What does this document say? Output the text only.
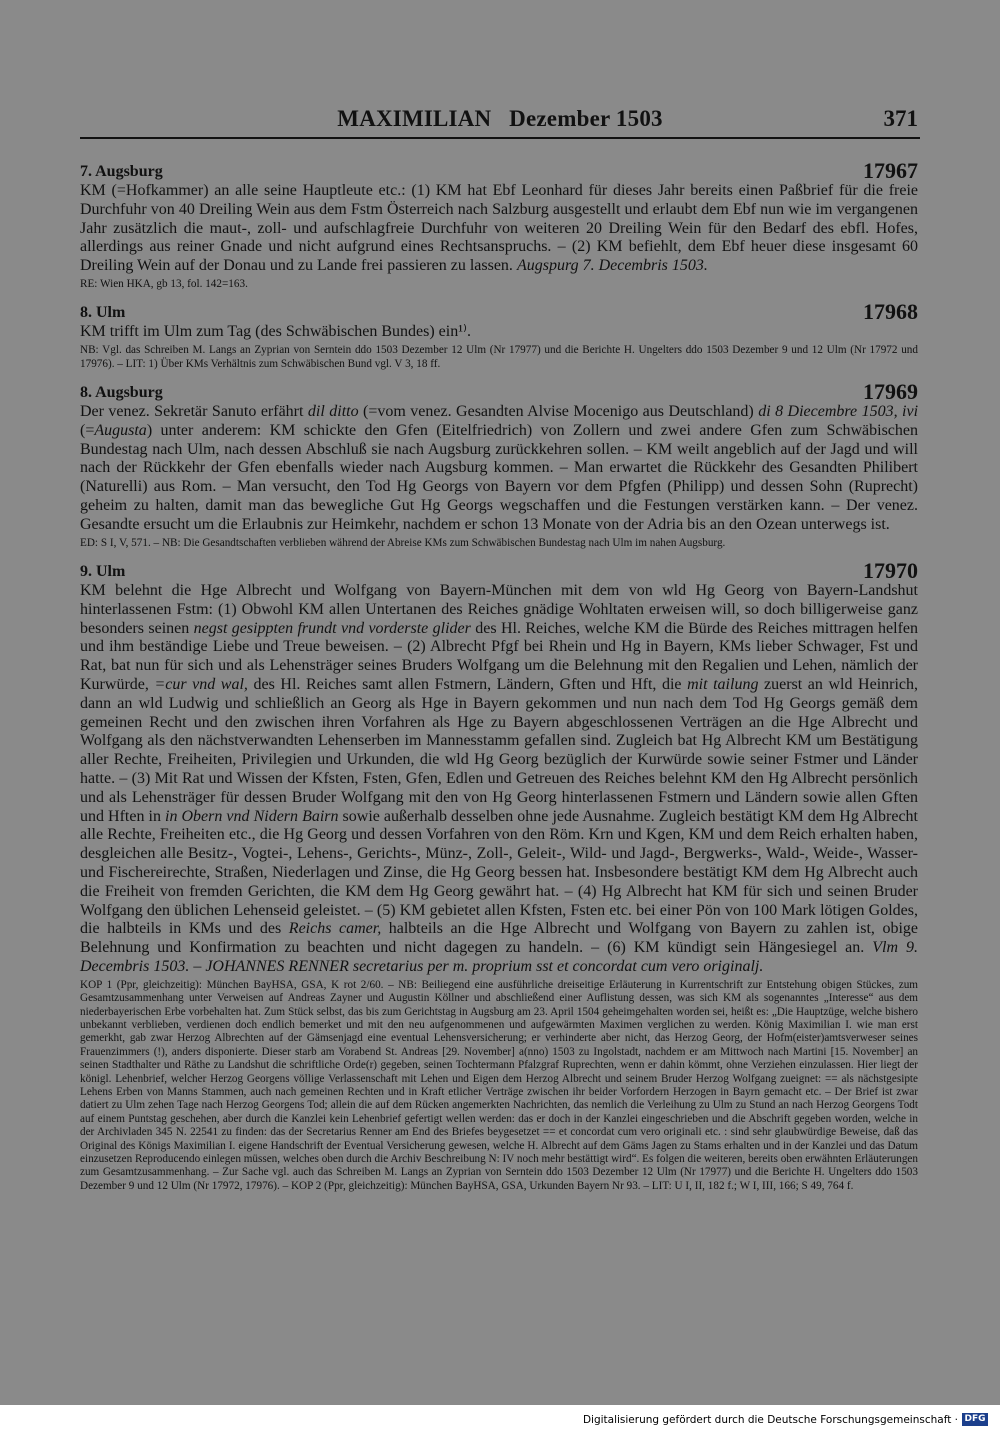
MAXIMILIAN   Dezember 1503	371
7. Augsburg	17967

KM (=Hofkammer) an alle seine Hauptleute etc.: (1) KM hat Ebf Leonhard für dieses Jahr bereits einen Paßbrief für die freie Durchfuhr von 40 Dreiling Wein aus dem Fstm Österreich nach Salzburg ausgestellt und erlaubt dem Ebf nun wie im vergangenen Jahr zusätzlich die maut-, zoll- und aufschlagfreie Durchfuhr von weiteren 20 Dreiling Wein für den Bedarf des ebfl. Hofes, allerdings aus reiner Gnade und nicht aufgrund eines Rechtsanspruchs. – (2) KM befiehlt, dem Ebf heuer diese insgesamt 60 Dreiling Wein auf der Donau und zu Lande frei passieren zu lassen. Augspurg 7. Decembris 1503.

RE: Wien HKA, gb 13, fol. 142=163.

8. Ulm	17968

KM trifft im Ulm zum Tag (des Schwäbischen Bundes) ein¹⁾.

NB: Vgl. das Schreiben M. Langs an Zyprian von Serntein ddo 1503 Dezember 12 Ulm (Nr 17977) und die Berichte H. Ungelters ddo 1503 Dezember 9 und 12 Ulm (Nr 17972 und 17976). – LIT: 1) Über KMs Verhältnis zum Schwäbischen Bund vgl. V 3, 18 ff.

8. Augsburg	17969

Der venez. Sekretär Sanuto erfährt dil ditto (=vom venez. Gesandten Alvise Mocenigo aus Deutschland) di 8 Diecembre 1503, ivi (=Augusta) unter anderem: KM schickte den Gfen (Eitelfriedrich) von Zollern und zwei andere Gfen zum Schwäbischen Bundestag nach Ulm, nach dessen Abschluß sie nach Augsburg zurückkehren sollen. – KM weilt angeblich auf der Jagd und will nach der Rückkehr der Gfen ebenfalls wieder nach Augsburg kommen. – Man erwartet die Rückkehr des Gesandten Philibert (Naturelli) aus Rom. – Man versucht, den Tod Hg Georgs von Bayern vor dem Pfgfen (Philipp) und dessen Sohn (Ruprecht) geheim zu halten, damit man das bewegliche Gut Hg Georgs wegschaffen und die Festungen verstärken kann. – Der venez. Gesandte ersucht um die Erlaubnis zur Heimkehr, nachdem er schon 13 Monate von der Adria bis an den Ozean unterwegs ist.

ED: S I, V, 571. – NB: Die Gesandtschaften verblieben während der Abreise KMs zum Schwäbischen Bundestag nach Ulm im nahen Augsburg.

9. Ulm	17970

KM belehnt die Hge Albrecht und Wolfgang von Bayern-München mit dem von wld Hg Georg von Bayern-Landshut hinterlassenen Fstm: (1) Obwohl KM allen Untertanen des Reiches gnädige Wohltaten erweisen will, so doch billigerweise ganz besonders seinen negst gesippten frundt vnd vorderste glider des Hl. Reiches, welche KM die Bürde des Reiches mittragen helfen und ihm beständige Liebe und Treue beweisen. – (2) Albrecht Pfgf bei Rhein und Hg in Bayern, KMs lieber Schwager, Fst und Rat, bat nun für sich und als Lehensträger seines Bruders Wolfgang um die Belehnung mit den Regalien und Lehen, nämlich der Kurwürde, =cur vnd wal, des Hl. Reiches samt allen Fstmern, Ländern, Gften und Hft, die mit tailung zuerst an wld Heinrich, dann an wld Ludwig und schließlich an Georg als Hge in Bayern gekommen und nun nach dem Tod Hg Georgs gemäß dem gemeinen Recht und den zwischen ihren Vorfahren als Hge zu Bayern abgeschlossenen Verträgen an die Hge Albrecht und Wolfgang als den nächstverwandten Lehenserben im Mannesstamm gefallen sind. Zugleich bat Hg Albrecht KM um Bestätigung aller Rechte, Freiheiten, Privilegien und Urkunden, die wld Hg Georg bezüglich der Kurwürde sowie seiner Fstmer und Länder hatte. – (3) Mit Rat und Wissen der Kfsten, Fsten, Gfen, Edlen und Getreuen des Reiches belehnt KM den Hg Albrecht persönlich und als Lehensträger für dessen Bruder Wolfgang mit den von Hg Georg hinterlassenen Fstmern und Ländern sowie allen Gften und Hften in in Obern vnd Nidern Bairn sowie außerhalb desselben ohne jede Ausnahme. Zugleich bestätigt KM dem Hg Albrecht alle Rechte, Freiheiten etc., die Hg Georg und dessen Vorfahren von den Röm. Krn und Kgen, KM und dem Reich erhalten haben, desgleichen alle Besitz-, Vogtei-, Lehens-, Gerichts-, Münz-, Zoll-, Geleit-, Wild- und Jagd-, Bergwerks-, Wald-, Weide-, Wasser- und Fischereirechte, Straßen, Niederlagen und Zinse, die Hg Georg bessen hat. Insbesondere bestätigt KM dem Hg Albrecht auch die Freiheit von fremden Gerichten, die KM dem Hg Georg gewährt hat. – (4) Hg Albrecht hat KM für sich und seinen Bruder Wolfgang den üblichen Lehenseid geleistet. – (5) KM gebietet allen Kfsten, Fsten etc. bei einer Pön von 100 Mark lötigen Goldes, die halbteils in KMs und des Reichs camer, halbteils an die Hge Albrecht und Wolfgang von Bayern zu zahlen ist, obige Belehnung und Konfirmation zu beachten und nicht dagegen zu handeln. – (6) KM kündigt sein Hängesiegel an. Vlm 9. Decembris 1503. – JOHANNES RENNER secretarius per m. proprium sst et concordat cum vero originalj.

KOP 1 (Ppr, gleichzeitig): München BayHSA, GSA, K rot 2/60. – NB: Beiliegend eine ausführliche dreiseitige Erläuterung in Kurrentschrift zur Entstehung obigen Stückes, zum Gesamtzusammenhang unter Verweisen auf Andreas Zayner und Augustin Köllner und abschließend einer Auflistung dessen, was sich KM als sogenanntes „Interesse“ aus dem niederbayerischen Erbe vorbehalten hat. Zum Stück selbst, das bis zum Gerichtstag in Augsburg am 23. April 1504 geheimgehalten worden sei, heißt es: „Die Hauptzüge, welche bishero unbekannt verblieben, verdienen doch endlich bemerket und mit den neu aufgenommenen und aufgewärmten Maximen verglichen zu werden. König Maximilian I. wie man erst gemerkht, gab zwar Herzog Albrechten auf der Gämsenjagd eine eventual Lehensversicherung; er verhinderte aber nicht, das Herzog Georg, der Hofm(eister)amtsverweser seines Frauenzimmers (!), anders disponierte. Dieser starb am Vorabend St. Andreas [29. November] a(nno) 1503 zu Ingolstadt, nachdem er am Mittwoch nach Martini [15. November] an seinen Stadthalter und Räthe zu Landshut die schriftliche Orde(r) gegeben, seinen Tochtermann Pfalzgraf Ruprechten, wenn er dahin kömmt, ohne Verziehen einzulassen. Hier liegt der königl. Lehenbrief, welcher Herzog Georgens völlige Verlassenschaft mit Lehen und Eigen dem Herzog Albrecht und seinem Bruder Herzog Wolfgang zueignet: == als nächstgesipte Lehens Erben von Manns Stammen, auch nach gemeinen Rechten und in Kraft etlicher Verträge zwischen ihr beider Vorfordern Herzogen in Bayrn gemacht etc. – Der Brief ist zwar datiert zu Ulm zehen Tage nach Herzog Georgens Tod; allein die auf dem Rücken angemerkten Nachrichten, das nemlich die Verleihung zu Ulm zu Stund an nach Herzog Georgens Todt auf einem Puntstag geschehen, aber durch die Kanzlei kein Lehenbrief gefertigt wellen werden: das er doch in der Kanzlei eingeschrieben und die Abschrift gegeben worden, welche in der Archivladen 345 N. 22541 zu finden: das der Secretarius Renner am End des Briefes beygesetzet == et concordat cum vero originali etc. : sind sehr glaubwürdige Beweise, daß das Original des Königs Maximilian I. eigene Handschrift der Eventual Versicherung gewesen, welche H. Albrecht auf dem Gäms Jagen zu Stams erhalten und in der Kanzlei und das Datum einzusetzen Reproducendo einlegen müssen, welches oben durch die Archiv Beschreibung N: IV noch mehr bestättigt wird“. Es folgen die weiteren, bereits oben erwähnten Erläuterungen zum Gesamtzusammenhang. – Zur Sache vgl. auch das Schreiben M. Langs an Zyprian von Serntein ddo 1503 Dezember 12 Ulm (Nr 17977) und die Berichte H. Ungelters ddo 1503 Dezember 9 und 12 Ulm (Nr 17972, 17976). – KOP 2 (Ppr, gleichzeitig): München BayHSA, GSA, Urkunden Bayern Nr 93. – LIT: U I, II, 182 f.; W I, III, 166; S 49, 764 f.

Digitalisierung gefördert durch die Deutsche Forschungsgemeinschaft · DFG
